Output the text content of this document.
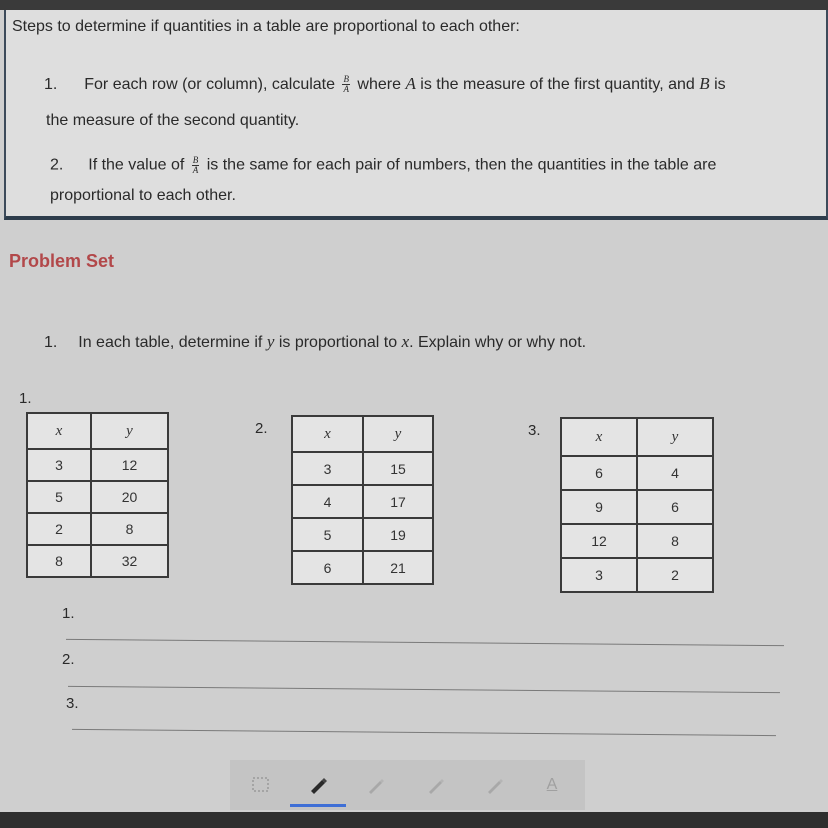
Steps to determine if quantities in a table are proportional to each other:
1. For each row (or column), calculate $\frac{B}{A}$ where A is the measure of the first quantity, and B is
the measure of the second quantity.
2. If the value of $\frac{B}{A}$ is the same for each pair of numbers, then the quantities in the table are
proportional to each other.
Problem Set
1. In each table, determine if y is proportional to x. Explain why or why not.
1.
x	y
3	12
5	20
2	8
8	32
2.	x	y
3	15
4	17
5	19
6	21
3.	x	y
6	4
9	6
12	8
3	2
1.
2.
3.
A
